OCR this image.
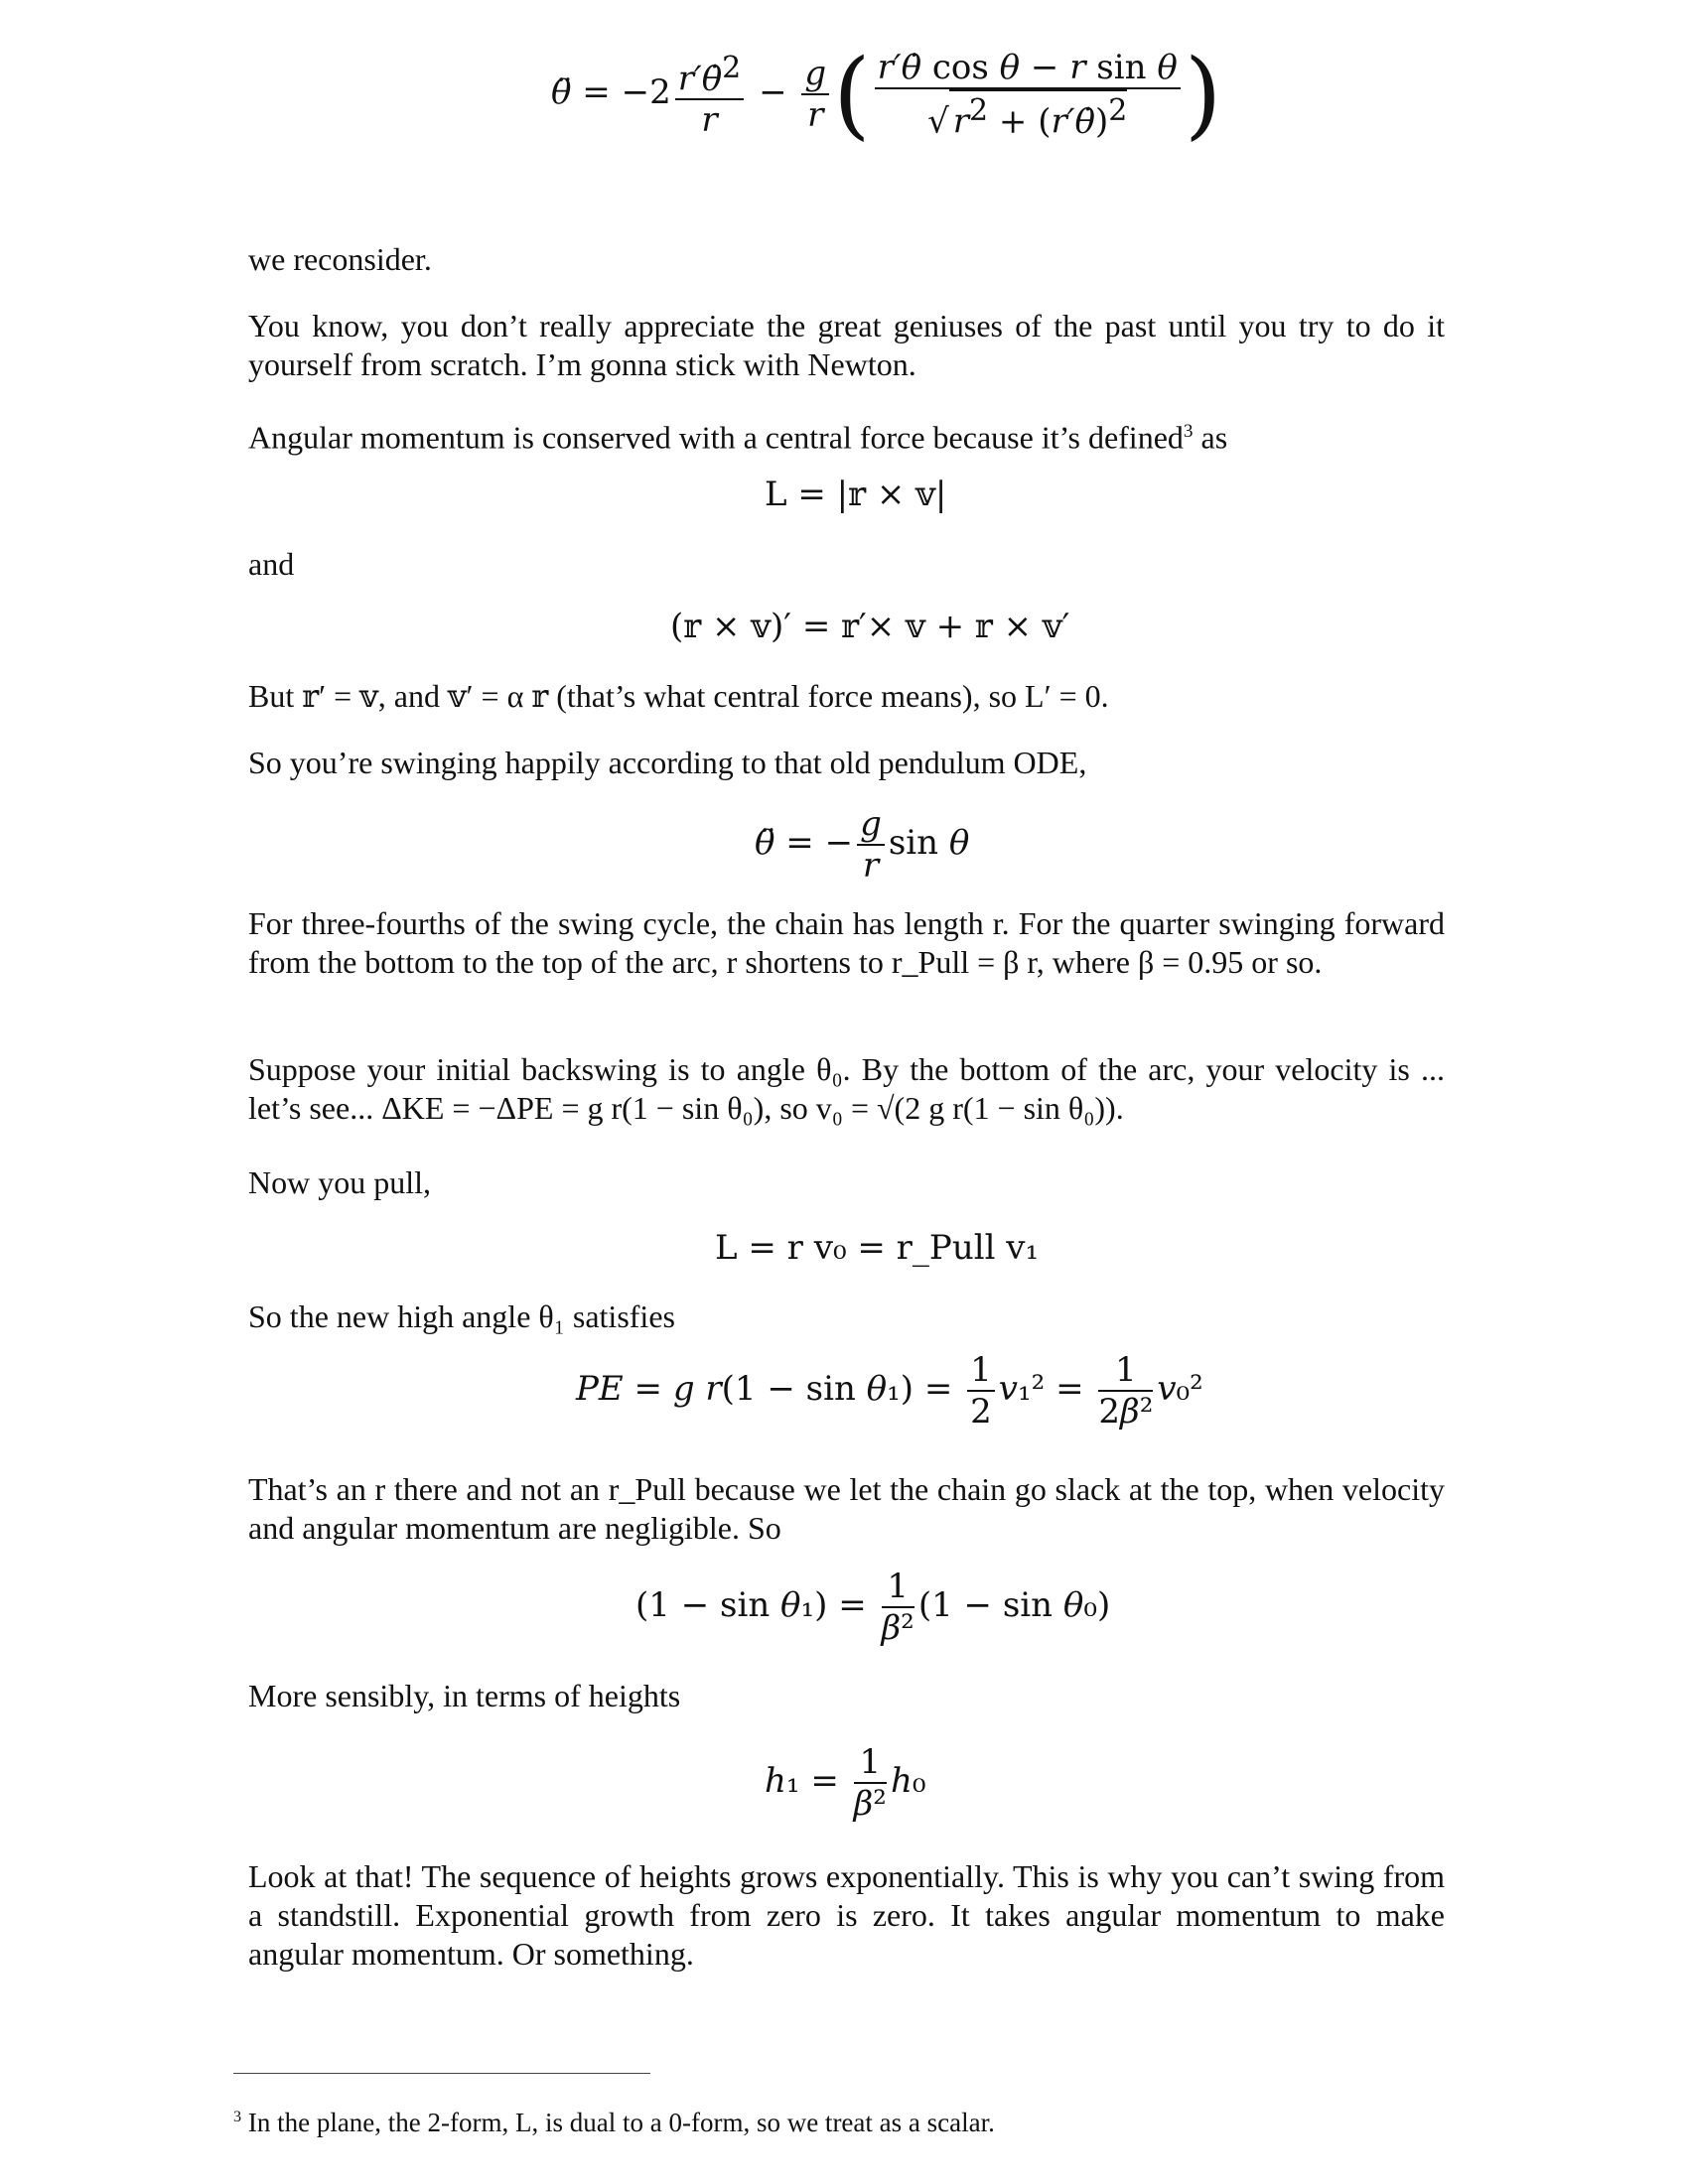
θ̈ = $-2 \frac{r'\thetȧ^2}{r} - \frac{g}{r}$ ( $\frac{\text{r′θ̇ cos θ − r sin θ}}{√ r^2 + (r'\thetȧ)^2}$ )

we reconsider.

You know, you don’t really appreciate the great geniuses of the past until you try to do it yourself from scratch. I’m gonna stick with Newton.

Angular momentum is conserved with a central force because it’s defined$^3$ as

L = |𝕣 × 𝕧|

and

(𝕣 × 𝕧)′ = 𝕣′× 𝕧 + 𝕣 × 𝕧′

But 𝕣′ = 𝕧, and 𝕧′ = α 𝕣 (that’s what central force means), so L′ = 0.

So you’re swinging happily according to that old pendulum ODE,

θ̈ = − $\frac{g}{r}$ sin θ

For three-fourths of the swing cycle, the chain has length r. For the quarter swinging forward from the bottom to the top of the arc, r shortens to r_Pull = β r, where β = 0.95 or so.

Suppose your initial backswing is to angle θ₀. By the bottom of the arc, your velocity is ... let’s see... ΔKE = −ΔPE = g r(1 − sin θ₀), so v₀ = √(2 g r(1 − sin θ₀)).

Now you pull,

L = r v₀ = r_Pull v₁

So the new high angle θ₁ satisfies

PE = g $r(1 - \sin \theta_1) = \frac{1}{2} v_1^2 = \frac{1}{\text{2β²}} v_0^2$

That’s an r there and not an r_Pull because we let the chain go slack at the top, when velocity and angular momentum are negligible. So

$(1 - \sin \theta_1) = \frac{1}{\text{β²}} (1 - \sin \theta_0)$

More sensibly, in terms of heights

$h_1 = \frac{1}{\text{β²}} h_0$

Look at that! The sequence of heights grows exponentially. This is why you can’t swing from a standstill. Exponential growth from zero is zero. It takes angular momentum to make angular momentum. Or something.

$^3$ In the plane, the 2-form, L, is dual to a 0-form, so we treat as a scalar.
